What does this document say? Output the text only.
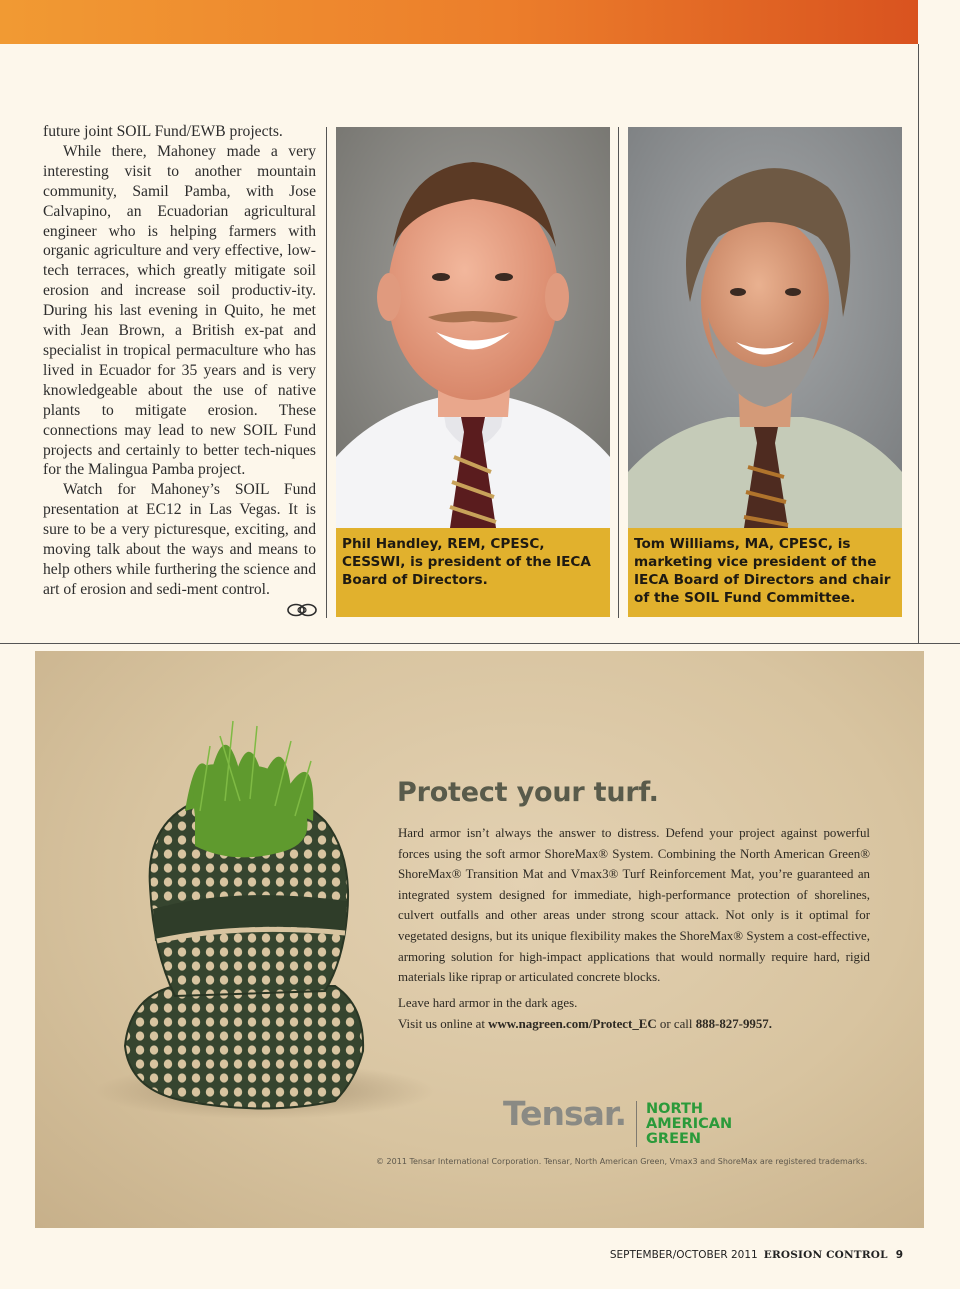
future joint SOIL Fund/EWB projects.

While there, Mahoney made a very interesting visit to another mountain community, Samil Pamba, with Jose Calvapino, an Ecuadorian agricultural engineer who is helping farmers with organic agriculture and very effective, low-tech terraces, which greatly mitigate soil erosion and increase soil productiv-ity. During his last evening in Quito, he met with Jean Brown, a British ex-pat and specialist in tropical permaculture who has lived in Ecuador for 35 years and is very knowledgeable about the use of native plants to mitigate erosion. These connections may lead to new SOIL Fund projects and certainly to better tech-niques for the Malingua Pamba project.

Watch for Mahoney’s SOIL Fund presentation at EC12 in Las Vegas. It is sure to be a very picturesque, exciting, and moving talk about the ways and means to help others while furthering the science and art of erosion and sedi-ment control.

Phil Handley, REM, CPESC, CESSWI, is president of the IECA Board of Directors.
Tom Williams, MA, CPESC, is marketing vice president of the IECA Board of Directors and chair of the SOIL Fund Committee.
Protect your turf.

Hard armor isn’t always the answer to distress. Defend your project against powerful forces using the soft armor ShoreMax® System. Combining the North American Green® ShoreMax® Transition Mat and Vmax3® Turf Reinforcement Mat, you’re guaranteed an integrated system designed for immediate, high-performance protection of shorelines, culvert outfalls and other areas under strong scour attack. Not only is it optimal for vegetated designs, but its unique flexibility makes the ShoreMax® System a cost-effective, armoring solution for high-impact applications that would normally require hard, rigid materials like riprap or articulated concrete blocks.

Leave hard armor in the dark ages.
Visit us online at www.nagreen.com/Protect_EC or call 888-827-9957.
Tensar. NORTH
AMERICAN
GREEN
© 2011 Tensar International Corporation. Tensar, North American Green, Vmax3 and ShoreMax are registered trademarks.
SEPTEMBER/OCTOBER 2011 EROSION CONTROL 9
